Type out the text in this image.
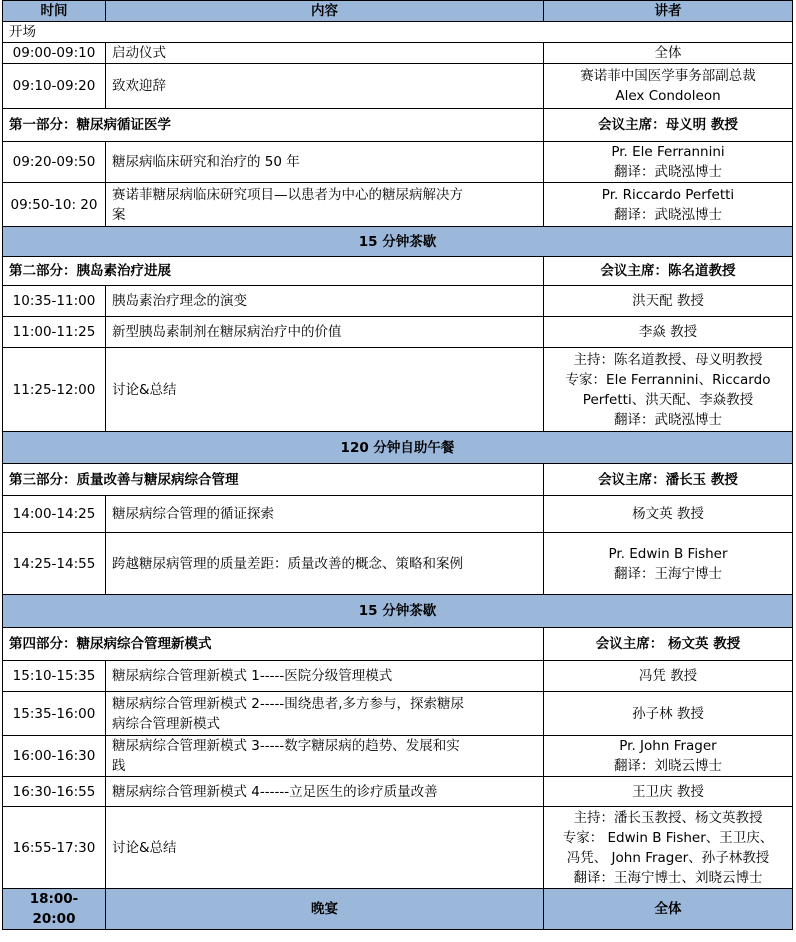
时间	内容	讲者
开场		
09:00-09:10	启动仪式	全体

09:10-09:20	致欢迎辞	赛诺菲中国医学事务部副总裁
Alex Condoleon

第一部分：糖尿病循证医学		会议主席：母义明 教授
09:20-09:50	糖尿病临床研究和治疗的 50 年	Pr. Ele Ferrannini
翻译：武晓泓博士

09:50-10: 20	赛诺菲糖尿病临床研究项目—以患者为中心的糖尿病解决方
案	Pr. Riccardo Perfetti
翻译：武晓泓博士

15 分钟茶歇		
第二部分：胰岛素治疗进展		会议主席：陈名道教授
10:35-11:00	胰岛素治疗理念的演变	洪天配 教授

11:00-11:25	新型胰岛素制剂在糖尿病治疗中的价值	李焱 教授

11:25-12:00	讨论&总结	主持：陈名道教授、母义明教授
专家：Ele Ferrannini、Riccardo
Perfetti、洪天配、李焱教授
翻译：武晓泓博士

120 分钟自助午餐		
第三部分：质量改善与糖尿病综合管理		会议主席：潘长玉 教授
14:00-14:25	糖尿病综合管理的循证探索	杨文英 教授

14:25-14:55	跨越糖尿病管理的质量差距：质量改善的概念、策略和案例	Pr. Edwin B Fisher
翻译：王海宁博士

15 分钟茶歇		
第四部分：糖尿病综合管理新模式		会议主席： 杨文英 教授
15:10-15:35	糖尿病综合管理新模式 1-----医院分级管理模式	冯凭 教授

15:35-16:00	糖尿病综合管理新模式 2-----围绕患者,多方参与，探索糖尿
病综合管理新模式	孙子林 教授

16:00-16:30	糖尿病综合管理新模式 3-----数字糖尿病的趋势、发展和实
践	Pr. John Frager
翻译：刘晓云博士

16:30-16:55	糖尿病综合管理新模式 4------立足医生的诊疗质量改善	王卫庆 教授

16:55-17:30	讨论&总结	主持：潘长玉教授、杨文英教授
专家： Edwin B Fisher、王卫庆、
冯凭、 John Frager、孙子林教授
翻译：王海宁博士、刘晓云博士

18:00-20:00	晚宴	全体
